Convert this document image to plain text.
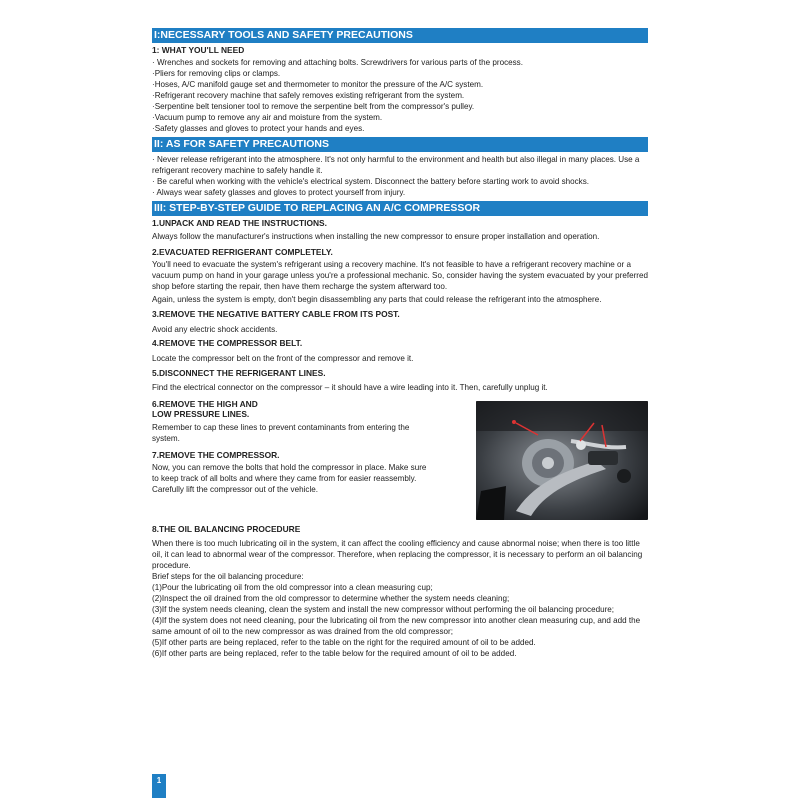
I:NECESSARY TOOLS AND SAFETY PRECAUTIONS
1: WHAT YOU'LL NEED
· Wrenches and sockets for removing and attaching bolts. Screwdrivers for various parts of the process.
·Pliers for removing clips or clamps.
·Hoses, A/C manifold gauge set and thermometer to monitor the pressure of the A/C system.
·Refrigerant recovery machine that safely removes existing refrigerant from the system.
·Serpentine belt tensioner tool to remove the serpentine belt from the compressor's pulley.
·Vacuum pump to remove any air and moisture from the system.
·Safety glasses and gloves to protect your hands and eyes.
II: AS FOR SAFETY PRECAUTIONS

· Never release refrigerant into the atmosphere. It's not only harmful to the environment and health but also illegal in many places. Use a refrigerant recovery machine to safely handle it.

· Be careful when working with the vehicle's electrical system. Disconnect the battery before starting work to avoid shocks.

· Always wear safety glasses and gloves to protect yourself from injury.

III: STEP-BY-STEP GUIDE TO REPLACING AN A/C COMPRESSOR
1.UNPACK AND READ THE INSTRUCTIONS.

Always follow the manufacturer's instructions when installing the new compressor to ensure proper installation and operation.

2.EVACUATED REFRIGERANT COMPLETELY.

You'll need to evacuate the system's refrigerant using a recovery machine. It's not feasible to have a refrigerant recovery machine or a vacuum pump on hand in your garage unless you're a professional mechanic. So, consider having the system evacuated by your preferred shop before starting the repair, then have them recharge the system afterward too.

Again, unless the system is empty, don't begin disassembling any parts that could release the refrigerant into the atmosphere.

3.REMOVE THE NEGATIVE BATTERY CABLE FROM ITS POST.

Avoid any electric shock accidents.

4.REMOVE THE COMPRESSOR BELT.

Locate the compressor belt on the front of the compressor and remove it.

5.DISCONNECT THE REFRIGERANT LINES.

Find the electrical connector on the compressor – it should have a wire leading into it. Then, carefully unplug it.

6.REMOVE THE HIGH AND
LOW PRESSURE LINES.

Remember to cap these lines to prevent contaminants from entering the system.

7.REMOVE THE COMPRESSOR.

Now, you can remove the bolts that hold the compressor in place. Make sure to keep track of all bolts and where they came from for easier reassembly. Carefully lift the compressor out of the vehicle.

8.THE OIL BALANCING PROCEDURE

When there is too much lubricating oil in the system, it can affect the cooling efficiency and cause abnormal noise; when there is too little oil, it can lead to abnormal wear of the compressor. Therefore, when replacing the compressor, it is necessary to perform an oil balancing procedure.

Brief steps for the oil balancing procedure:

(1)Pour the lubricating oil from the old compressor into a clean measuring cup;

(2)Inspect the oil drained from the old compressor to determine whether the system needs cleaning;

(3)If the system needs cleaning, clean the system and install the new compressor without performing the oil balancing procedure;

(4)If the system does not need cleaning, pour the lubricating oil from the new compressor into another clean measuring cup, and add the same amount of oil to the new compressor as was drained from the old compressor;

(5)If other parts are being replaced, refer to the table on the right for the required amount of oil to be added.

(6)If other parts are being replaced, refer to the table below for the required amount of oil to be added.

1
